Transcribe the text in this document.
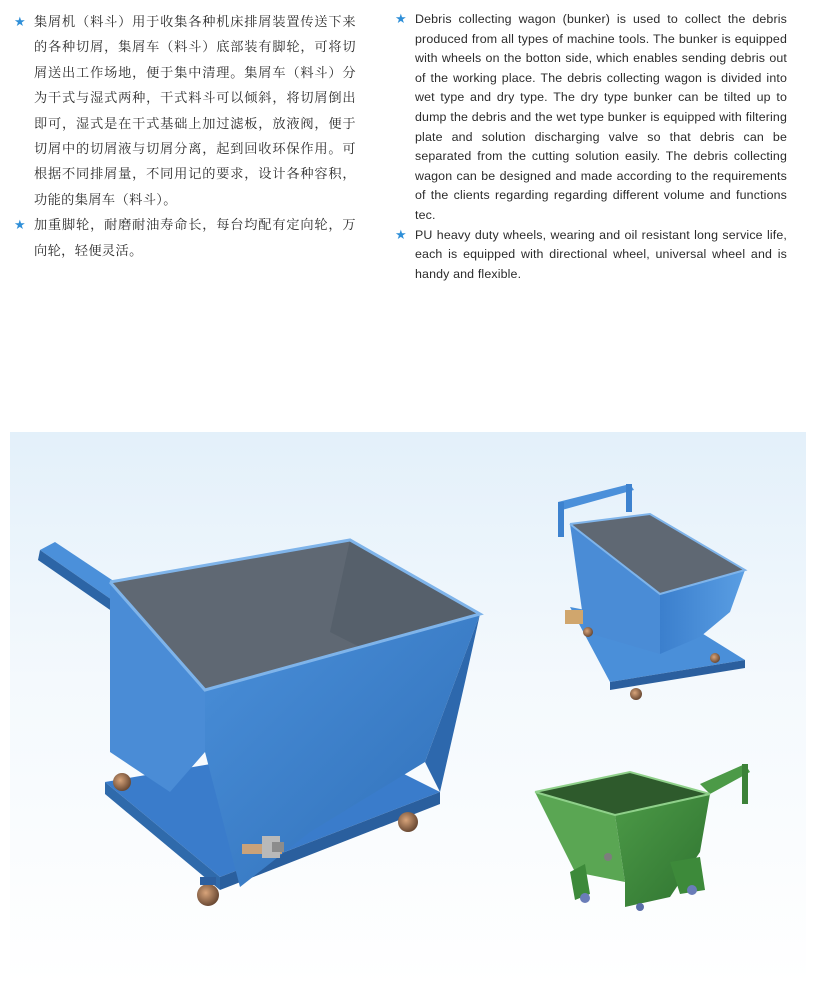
★ 集屑机（料斗）用于收集各种机床排屑装置传送下来的各种切屑，集屑车（料斗）底部装有脚轮，可将切屑送出工作场地，便于集中清理。集屑车（料斗）分为干式与湿式两种，干式料斗可以倾斜，将切屑倒出即可，湿式是在干式基础上加过滤板，放液阀，便于切屑中的切屑液与切屑分离，起到回收环保作用。可根据不同排屑量，不同用记的要求，设计各种容积，功能的集屑车（料斗）。
★ 加重脚轮，耐磨耐油寿命长，每台均配有定向轮，万向轮，轻便灵活。
★ Debris collecting wagon (bunker) is used to collect the debris produced from all types of machine tools. The bunker is equipped with wheels on the botton side, which enables sending debris out of the working place. The debris collecting wagon is divided into wet type and dry type. The dry type bunker can be tilted up to dump the debris and the wet type bunker is equipped with filtering plate and solution discharging valve so that debris can be separated from the cutting solution easily. The debris collecting wagon can be designed and made according to the requirements of the clients regarding regarding different volume and functions tec.
★ PU heavy duty wheels, wearing and oil resistant long service life, each is equipped with directional wheel, universal wheel and is handy and flexible.
